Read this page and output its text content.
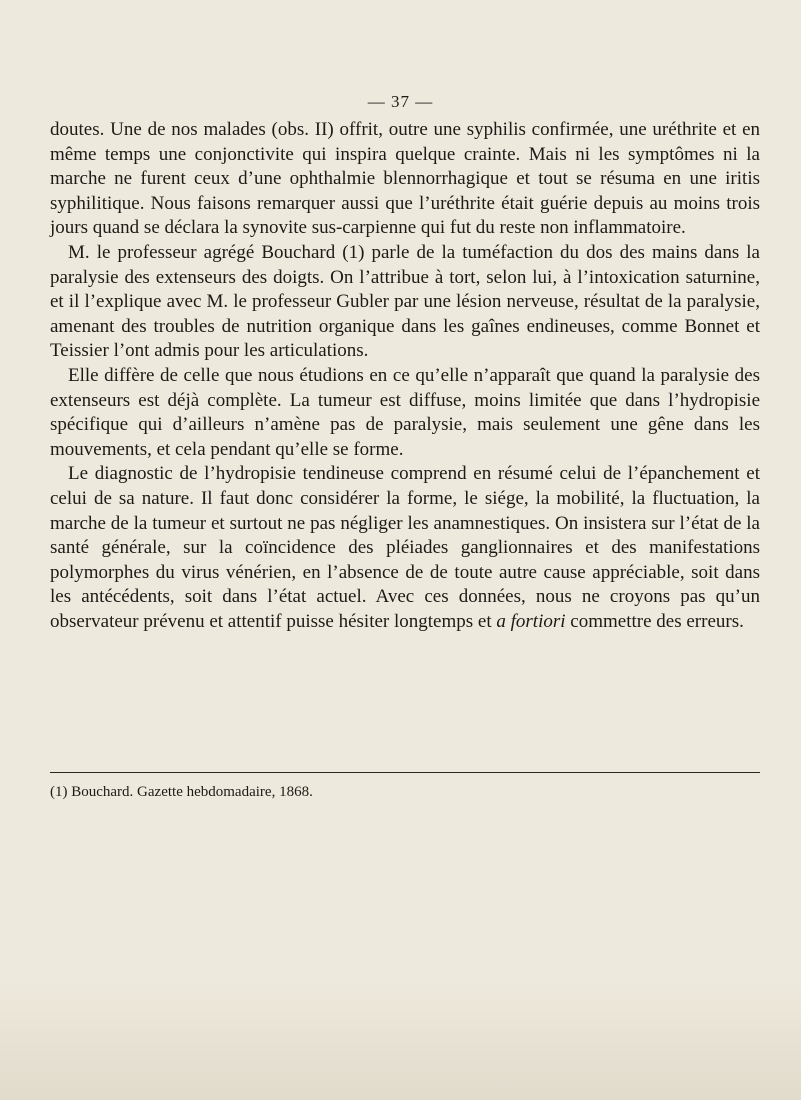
— 37 —

doutes. Une de nos malades (obs. II) offrit, outre une syphilis confirmée, une uréthrite et en même temps une conjonctivite qui inspira quelque crainte. Mais ni les symptômes ni la marche ne furent ceux d’une ophthalmie blennorrhagique et tout se résuma en une iritis syphilitique. Nous faisons remarquer aussi que l’uréthrite était guérie depuis au moins trois jours quand se déclara la synovite sus-carpienne qui fut du reste non inflammatoire.

M. le professeur agrégé Bouchard (1) parle de la tuméfaction du dos des mains dans la paralysie des extenseurs des doigts. On l’attribue à tort, selon lui, à l’intoxication saturnine, et il l’explique avec M. le professeur Gubler par une lésion nerveuse, résultat de la paralysie, amenant des troubles de nutrition organique dans les gaînes endineuses, comme Bonnet et Teissier l’ont admis pour les articulations.

Elle diffère de celle que nous étudions en ce qu’elle n’apparaît que quand la paralysie des extenseurs est déjà complète. La tumeur est diffuse, moins limitée que dans l’hydropisie spécifique qui d’ailleurs n’amène pas de paralysie, mais seulement une gêne dans les mouvements, et cela pendant qu’elle se forme.

Le diagnostic de l’hydropisie tendineuse comprend en résumé celui de l’épanchement et celui de sa nature. Il faut donc considérer la forme, le siége, la mobilité, la fluctuation, la marche de la tumeur et surtout ne pas négliger les anamnestiques. On insistera sur l’état de la santé générale, sur la coïncidence des pléiades ganglionnaires et des manifestations polymorphes du virus vénérien, en l’absence de de toute autre cause appréciable, soit dans les antécédents, soit dans l’état actuel. Avec ces données, nous ne croyons pas qu’un observateur prévenu et attentif puisse hésiter longtemps et a fortiori commettre des erreurs.

(1) Bouchard. Gazette hebdomadaire, 1868.
